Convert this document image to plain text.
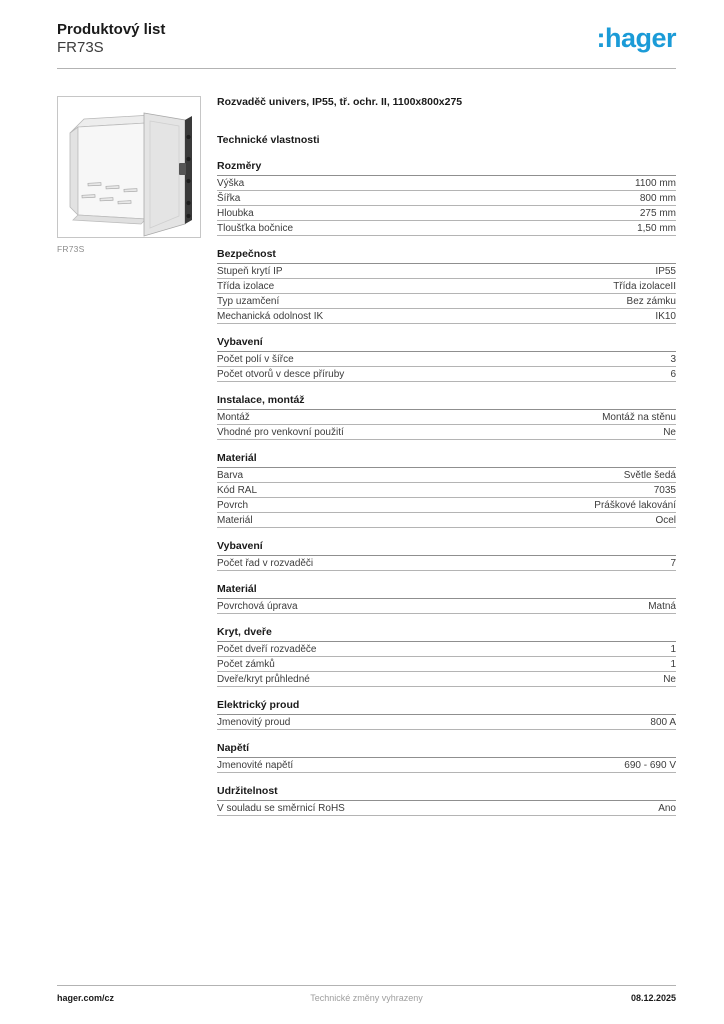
Produktový list
FR73S	:hager
FR73S
Rozvaděč univers, IP55, tř. ochr. II, 1100x800x275
Technické vlastnosti
Rozměry
Výška	1100 mm
Šířka	800 mm
Hloubka	275 mm
Tloušťka bočnice	1,50 mm
Bezpečnost
Stupeň krytí IP	IP55
Třída izolace	Třída izolaceII
Typ uzamčení	Bez zámku
Mechanická odolnost IK	IK10
Vybavení
Počet polí v šířce	3
Počet otvorů v desce příruby	6
Instalace, montáž
Montáž	Montáž na stěnu
Vhodné pro venkovní použití	Ne
Materiál
Barva	Světle šedá
Kód RAL	7035
Povrch	Práškové lakování
Materiál	Ocel
Vybavení
Počet řad v rozvaděči	7
Materiál
Povrchová úprava	Matná
Kryt, dveře
Počet dveří rozvaděče	1
Počet zámků	1
Dveře/kryt průhledné	Ne
Elektrický proud
Jmenovitý proud	800 A
Napětí
Jmenovité napětí	690 - 690 V
Udržitelnost
V souladu se směrnicí RoHS	Ano
hager.com/cz	Technické změny vyhrazeny	08.12.2025
